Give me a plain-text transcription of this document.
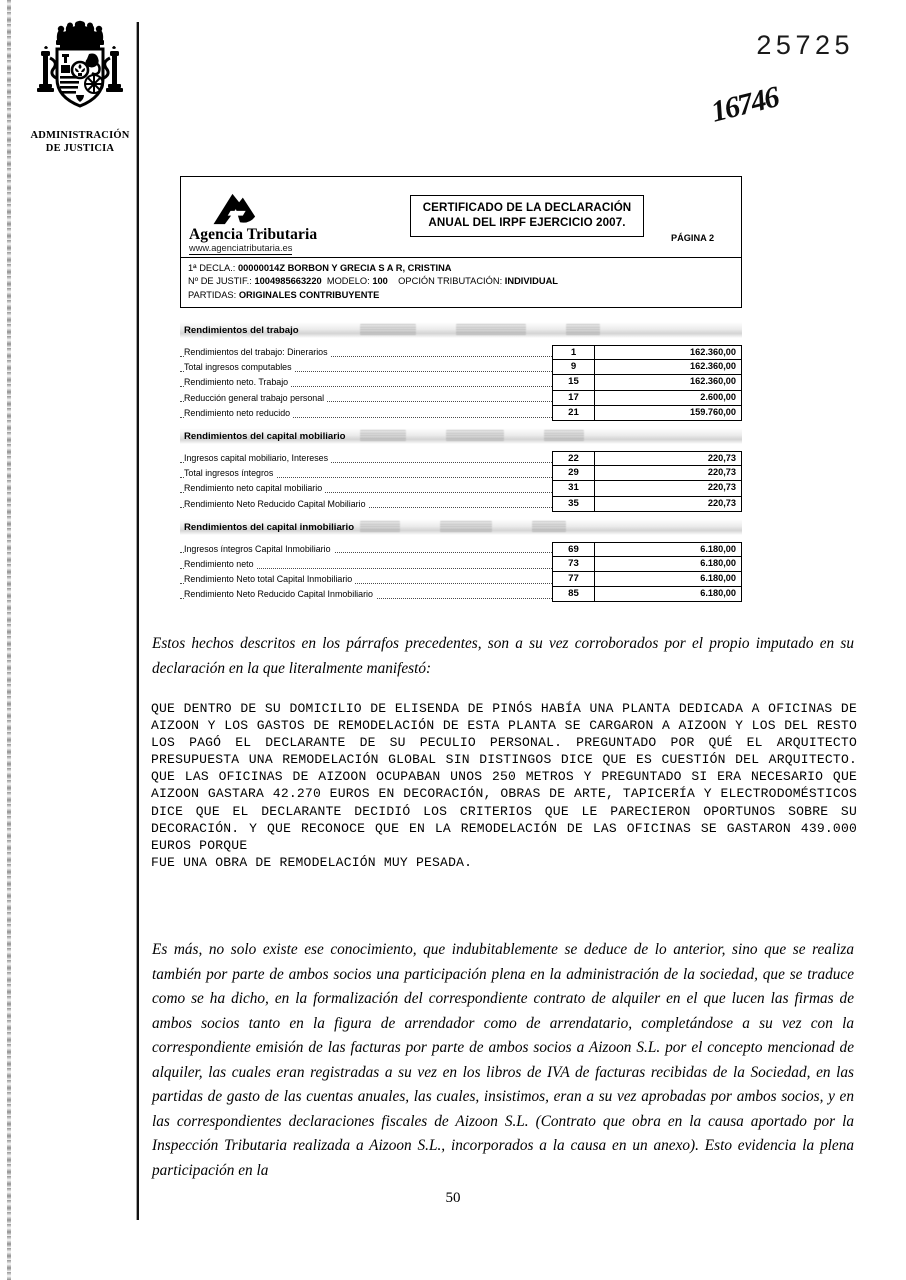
ADMINISTRACIÓN
DE JUSTICIA
25725
16746
Agencia Tributaria
www.agenciatributaria.es
CERTIFICADO DE LA DECLARACIÓN
ANUAL DEL IRPF EJERCICIO 2007.
PÁGINA 2
1ª DECLA.: 00000014Z BORBON Y GRECIA S A R, CRISTINA
Nº DE JUSTIF.: 1004985663220 MODELO: 100 OPCIÓN TRIBUTACIÓN: INDIVIDUAL
PARTIDAS: ORIGINALES CONTRIBUYENTE
Rendimientos del trabajo
Rendimientos del trabajo: Dinerarios	1	162.360,00
Total ingresos computables	9	162.360,00
Rendimiento neto. Trabajo	15	162.360,00
Reducción general trabajo personal	17	2.600,00
Rendimiento neto reducido	21	159.760,00
Rendimientos del capital mobiliario
Ingresos capital mobiliario, Intereses	22	220,73
Total ingresos íntegros	29	220,73
Rendimiento neto capital mobiliario	31	220,73
Rendimiento Neto Reducido Capital Mobiliario	35	220,73
Rendimientos del capital inmobiliario
Ingresos íntegros Capital Inmobiliario	69	6.180,00
Rendimiento neto	73	6.180,00
Rendimiento Neto total Capital Inmobiliario	77	6.180,00
Rendimiento Neto Reducido Capital Inmobiliario	85	6.180,00
Estos hechos descritos en los párrafos precedentes, son a su vez corroborados por el propio imputado en su declaración en la que literalmente manifestó:

QUE DENTRO DE SU DOMICILIO DE ELISENDA DE PINÓS HABÍA UNA PLANTA DEDICADA A OFICINAS DE AIZOON Y LOS GASTOS DE REMODELACIÓN DE ESTA PLANTA SE CARGARON A AIZOON Y LOS DEL RESTO LOS PAGÓ EL DECLARANTE DE SU PECULIO PERSONAL. PREGUNTADO POR QUÉ EL ARQUITECTO PRESUPUESTA UNA REMODELACIÓN GLOBAL SIN DISTINGOS DICE QUE ES CUESTIÓN DEL ARQUITECTO. QUE LAS OFICINAS DE AIZOON OCUPABAN UNOS 250 METROS Y PREGUNTADO SI ERA NECESARIO QUE AIZOON GASTARA 42.270 EUROS EN DECORACIÓN, OBRAS DE ARTE, TAPICERÍA Y ELECTRODOMÉSTICOS DICE QUE EL DECLARANTE DECIDIÓ LOS CRITERIOS QUE LE PARECIERON OPORTUNOS SOBRE SU DECORACIÓN. Y QUE RECONOCE QUE EN LA REMODELACIÓN DE LAS OFICINAS SE GASTARON 439.000 EUROS PORQUE

FUE UNA OBRA DE REMODELACIÓN MUY PESADA.

Es más, no solo existe ese conocimiento, que indubitablemente se deduce de lo anterior, sino que se realiza también por parte de ambos socios una participación plena en la administración de la sociedad, que se traduce como se ha dicho, en la formalización del correspondiente contrato de alquiler en el que lucen las firmas de ambos socios tanto en la figura de arrendador como de arrendatario, completándose a su vez con la correspondiente emisión de las facturas por parte de ambos socios a Aizoon S.L. por el concepto mencionad de alquiler, las cuales eran registradas a su vez en los libros de IVA de facturas recibidas de la Sociedad, en las partidas de gasto de las cuentas anuales, las cuales, insistimos, eran a su vez aprobadas por ambos socios, y en las correspondientes declaraciones fiscales de Aizoon S.L. (Contrato que obra en la causa aportado por la Inspección Tributaria realizada a Aizoon S.L., incorporados a la causa en un anexo). Esto evidencia la plena participación en la
50
